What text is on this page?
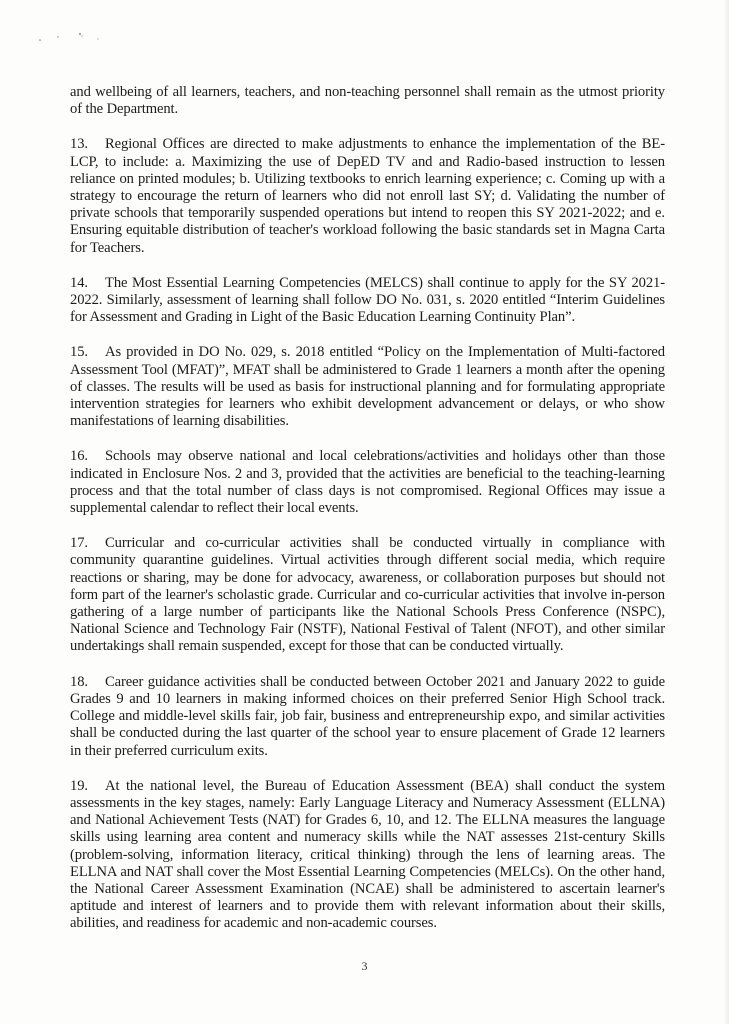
and wellbeing of all learners, teachers, and non-teaching personnel shall remain as the utmost priority of the Department.

13. Regional Offices are directed to make adjustments to enhance the implementation of the BE-LCP, to include: a. Maximizing the use of DepED TV and and Radio-based instruction to lessen reliance on printed modules; b. Utilizing textbooks to enrich learning experience; c. Coming up with a strategy to encourage the return of learners who did not enroll last SY; d. Validating the number of private schools that temporarily suspended operations but intend to reopen this SY 2021-2022; and e. Ensuring equitable distribution of teacher's workload following the basic standards set in Magna Carta for Teachers.

14. The Most Essential Learning Competencies (MELCS) shall continue to apply for the SY 2021-2022. Similarly, assessment of learning shall follow DO No. 031, s. 2020 entitled “Interim Guidelines for Assessment and Grading in Light of the Basic Education Learning Continuity Plan”.

15. As provided in DO No. 029, s. 2018 entitled “Policy on the Implementation of Multi-factored Assessment Tool (MFAT)”, MFAT shall be administered to Grade 1 learners a month after the opening of classes. The results will be used as basis for instructional planning and for formulating appropriate intervention strategies for learners who exhibit development advancement or delays, or who show manifestations of learning disabilities.

16. Schools may observe national and local celebrations/activities and holidays other than those indicated in Enclosure Nos. 2 and 3, provided that the activities are beneficial to the teaching-learning process and that the total number of class days is not compromised. Regional Offices may issue a supplemental calendar to reflect their local events.

17. Curricular and co-curricular activities shall be conducted virtually in compliance with community quarantine guidelines. Virtual activities through different social media, which require reactions or sharing, may be done for advocacy, awareness, or collaboration purposes but should not form part of the learner's scholastic grade. Curricular and co-curricular activities that involve in-person gathering of a large number of participants like the National Schools Press Conference (NSPC), National Science and Technology Fair (NSTF), National Festival of Talent (NFOT), and other similar undertakings shall remain suspended, except for those that can be conducted virtually.

18. Career guidance activities shall be conducted between October 2021 and January 2022 to guide Grades 9 and 10 learners in making informed choices on their preferred Senior High School track. College and middle-level skills fair, job fair, business and entrepreneurship expo, and similar activities shall be conducted during the last quarter of the school year to ensure placement of Grade 12 learners in their preferred curriculum exits.

19. At the national level, the Bureau of Education Assessment (BEA) shall conduct the system assessments in the key stages, namely: Early Language Literacy and Numeracy Assessment (ELLNA) and National Achievement Tests (NAT) for Grades 6, 10, and 12. The ELLNA measures the language skills using learning area content and numeracy skills while the NAT assesses 21st-century Skills (problem-solving, information literacy, critical thinking) through the lens of learning areas. The ELLNA and NAT shall cover the Most Essential Learning Competencies (MELCs). On the other hand, the National Career Assessment Examination (NCAE) shall be administered to ascertain learner's aptitude and interest of learners and to provide them with relevant information about their skills, abilities, and readiness for academic and non-academic courses.

3
